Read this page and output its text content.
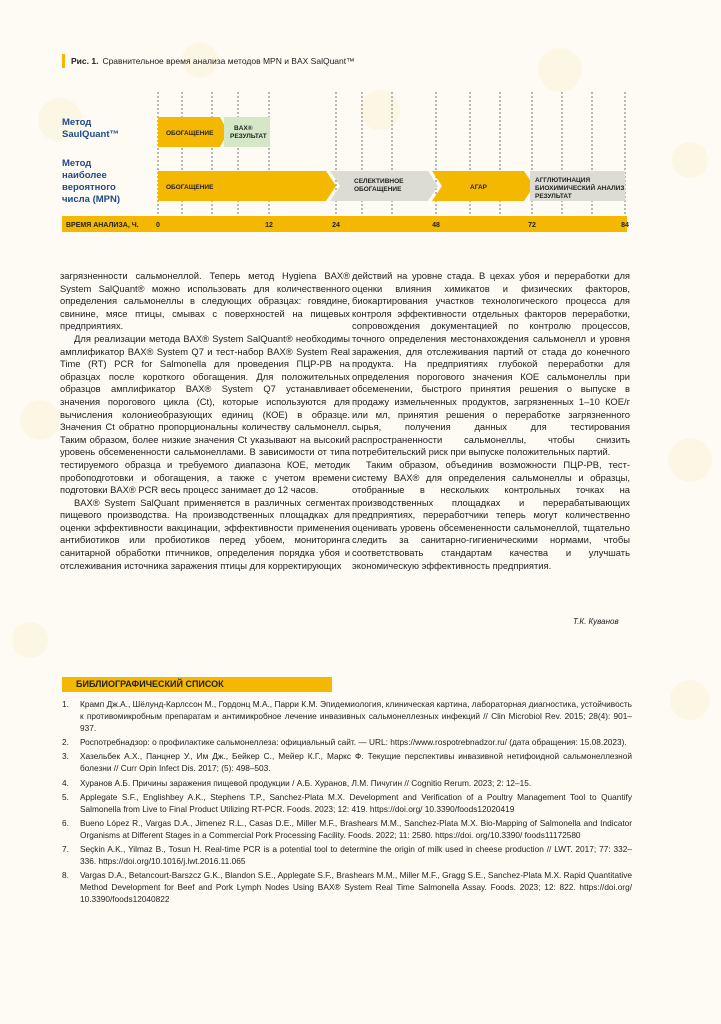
Рис. 1. Сравнительное время анализа методов MPN и BAX SalQuant™
Метод SaulQuant™
Метод наиболее вероятного числа (MPN)
ОБОГАЩЕНИЕ
BAX® РЕЗУЛЬТАТ
ОБОГАЩЕНИЕ
СЕЛЕКТИВНОЕ ОБОГАЩЕНИЕ	АГАР
АГГЛЮТИНАЦИЯ БИОХИМИЧЕСКИЙ АНАЛИЗ РЕЗУЛЬТАТ
ВРЕМЯ АНАЛИЗА, Ч. 0	12	24	48	72	84

загрязненности сальмонеллой. Теперь метод Hygiena BAX® System SalQuant® можно использовать для количественного определения сальмонеллы в следующих образцах: говядине, свинине, мясе птицы, смывах с поверхностей на пищевых предприятиях.

Для реализации метода BAX® System SalQuant® необходимы амплификатор BAX® System Q7 и тест-набор BAX® System Real Time (RT) PCR for Salmonella для проведения ПЦР-РВ на образцах после короткого обогащения. Для положительных образцов амплификатор BAX® System Q7 устанавливает значения порогового цикла (Ct), которые используются для вычисления колониеобразующих единиц (КОЕ) в образце. Значения Ct обратно пропорциональны количеству сальмонелл. Таким образом, более низкие значения Ct указывают на высокий уровень обсемененности сальмонеллами. В зависимости от типа тестируемого образца и требуемого диапазона КОЕ, методик пробоподготовки и обогащения, а также с учетом времени подготовки BAX® PCR весь процесс занимает до 12 часов.

BAX® System SalQuant применяется в различных сегментах пищевого производства. На производственных площадках для оценки эффективности вакцинации, эффективности применения антибиотиков или пробиотиков перед убоем, мониторинга санитарной обработки птичников, определения порядка убоя и отслеживания источника заражения птицы для корректирующих

действий на уровне стада. В цехах убоя и переработки для оценки влияния химикатов и физических факторов, биокартирования участков технологического процесса для контроля эффективности отдельных факторов переработки, сопровождения документацией по контролю процессов, точного определения местонахождения сальмонелл и уровня заражения, для отслеживания партий от стада до конечного продукта. На предприятиях глубокой переработки для определения порогового значения КОЕ сальмонеллы при обсеменении, быстрого принятия решения о выпуске в продажу измельченных продуктов, загрязненных 1–10 КОЕ/г или мл, принятия решения о переработке загрязненного сырья, получения данных для тестирования распространенности сальмонеллы, чтобы снизить потребительский риск при выпуске положительных партий.

Таким образом, объединив возможности ПЦР-РВ, тест-систему BAX® для определения сальмонеллы и образцы, отобранные в нескольких контрольных точках на производственных площадках и перерабатывающих предприятиях, переработчики теперь могут количественно оценивать уровень обсемененности сальмонеллой, тщательно следить за санитарно-гигиеническими нормами, чтобы соответствовать стандартам качества и улучшать экономическую эффективность предприятия.

Т.К. Куванов
БИБЛИОГРАФИЧЕСКИЙ СПИСОК
1. Крамп Дж.А., Шёлунд-Карлссон М., Гордонц М.А., Парри К.М. Эпидемиология, клиническая картина, лабораторная диагностика, устойчивость к противомикробным препаратам и антимикробное лечение инвазивных сальмонеллезных инфекций // Clin Microbiol Rev. 2015; 28(4): 901–937.
2. Роспотребнадзор: о профилактике сальмонеллеза: официальный сайт. — URL: https://www.rospotrebnadzor.ru/ (дата обращения: 15.08.2023).
3. Хазельбек А.Х., Панцнер У., Им Дж., Бейкер С., Мейер К.Г., Маркс Ф. Текущие перспективы инвазивной нетифоидной сальмонеллезной болезни // Curr Opin Infect Dis. 2017; (5): 498–503.
4. Хуранов А.Б. Причины заражения пищевой продукции / А.Б. Хуранов, Л.М. Пичугин // Cognitio Rerum. 2023; 2: 12–15.
5. Applegate S.F., Englishbey A.K., Stephens T.P., Sanchez-Plata M.X. Development and Verification of a Poultry Management Tool to Quantify Salmonella from Live to Final Product Utilizing RT-PCR. Foods. 2023; 12: 419. https://doi.org/ 10.3390/foods12020419
6. Bueno López R., Vargas D.A., Jimenez R.L., Casas D.E., Miller M.F., Brashears M.M., Sanchez-Plata M.X. Bio-Mapping of Salmonella and Indicator Organisms at Different Stages in a Commercial Pork Processing Facility. Foods. 2022; 11: 2580. https://doi. org/10.3390/ foods11172580
7. Seçkin A.K., Yilmaz B., Tosun H. Real-time PCR is a potential tool to determine the origin of milk used in cheese production // LWT. 2017; 77: 332–336. https://doi.org/10.1016/j.lwt.2016.11.065
8. Vargas D.A., Betancourt-Barszcz G.K., Blandon S.E., Applegate S.F., Brashears M.M., Miller M.F., Gragg S.E., Sanchez-Plata M.X. Rapid Quantitative Method Development for Beef and Pork Lymph Nodes Using BAX® System Real Time Salmonella Assay. Foods. 2023; 12: 822. https://doi.org/ 10.3390/foods12040822
